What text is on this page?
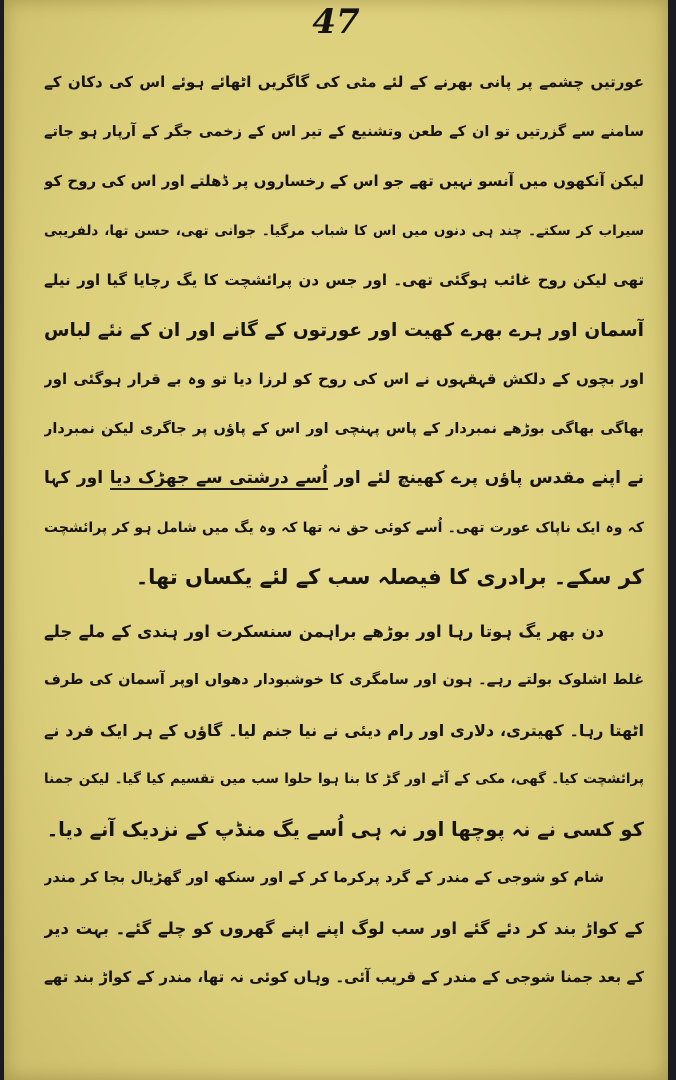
47
عورتیں چشمے پر پانی بھرنے کے لئے مٹی کی گاگریں اٹھائے ہوئے اس کی دکان کے
سامنے سے گزرتیں تو ان کے طعن وتشنیع کے تیر اس کے زخمی جگر کے آرپار ہو جاتے
لیکن آنکھوں میں آنسو نہیں تھے جو اس کے رخساروں پر ڈھلتے اور اس کی روح کو
سیراب کر سکتے۔ چند ہی دنوں میں اس کا شباب مرگیا۔ جوانی تھی، حسن تھا، دلفریبی
تھی لیکن روح غائب ہوگئی تھی۔ اور جس دن پرائشچت کا یگ رچایا گیا اور نیلے
آسمان اور ہرے بھرے کھیت اور عورتوں کے گانے اور ان کے نئے لباس
اور بچوں کے دلکش قہقہوں نے اس کی روح کو لرزا دیا تو وہ بے قرار ہوگئی اور
بھاگی بھاگی بوڑھے نمبردار کے پاس پہنچی اور اس کے پاؤں پر جاگری لیکن نمبردار
نے اپنے مقدس پاؤں پرے کھینچ لئے اور اُسے درشتی سے جھڑک دیا اور کہا
کہ وہ ایک ناپاک عورت تھی۔ اُسے کوئی حق نہ تھا کہ وہ یگ میں شامل ہو کر پرائشچت
کر سکے۔ برادری کا فیصلہ سب کے لئے یکساں تھا۔
دن بھر یگ ہوتا رہا اور بوڑھے براہمن سنسکرت اور ہندی کے ملے جلے
غلط اشلوک بولتے رہے۔ ہون اور سامگری کا خوشبودار دھواں اوپر آسمان کی طرف
اٹھتا رہا۔ کھیتری، دلاری اور رام دیئی نے نیا جنم لیا۔ گاؤں کے ہر ایک فرد نے
پرائشچت کیا۔ گھی، مکی کے آٹے اور گڑ کا بنا ہوا حلوا سب میں تقسیم کیا گیا۔ لیکن جمنا
کو کسی نے نہ پوچھا اور نہ ہی اُسے یگ منڈپ کے نزدیک آنے دیا۔
شام کو شوجی کے مندر کے گرد پرکرما کر کے اور سنکھ اور گھڑیال بجا کر مندر
کے کواڑ بند کر دئے گئے اور سب لوگ اپنے اپنے گھروں کو چلے گئے۔ بہت دیر
کے بعد جمنا شوجی کے مندر کے قریب آئی۔ وہاں کوئی نہ تھا، مندر کے کواڑ بند تھے
